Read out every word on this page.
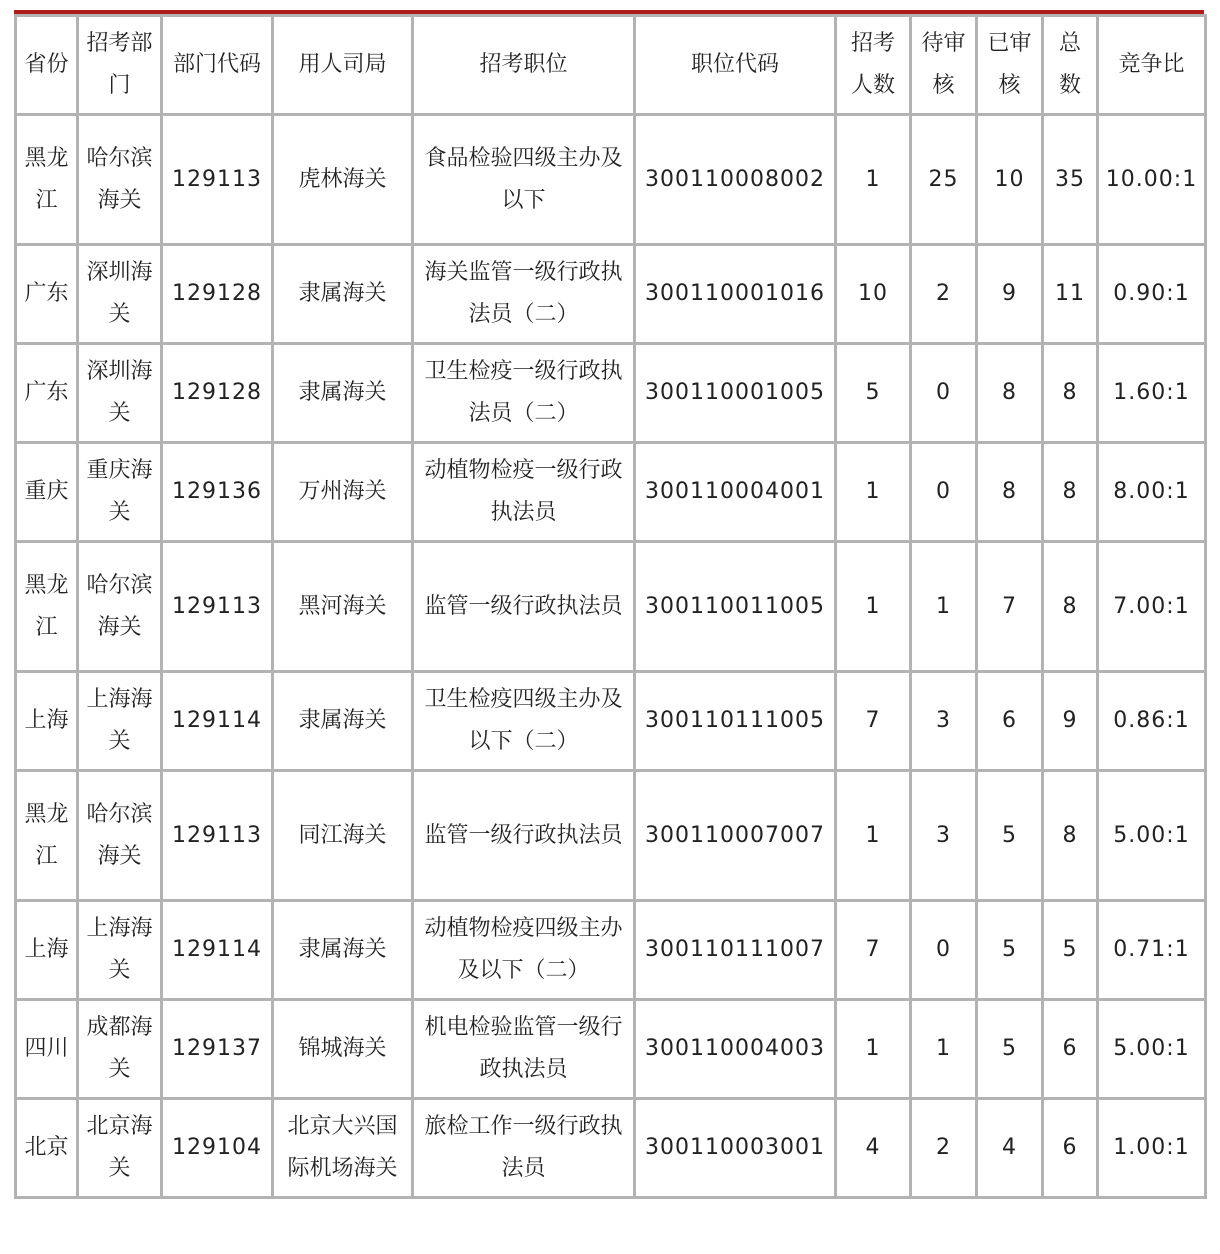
省份	招考部门	部门代码	用人司局	招考职位	职位代码	招考人数	待审核	已审核	总数	竞争比
黑龙江	哈尔滨海关	129113	虎林海关	食品检验四级主办及以下	300110008002	1	25	10	35	10.00:1
广东	深圳海关	129128	隶属海关	海关监管一级行政执法员（二）	300110001016	10	2	9	11	0.90:1
广东	深圳海关	129128	隶属海关	卫生检疫一级行政执法员（二）	300110001005	5	0	8	8	1.60:1
重庆	重庆海关	129136	万州海关	动植物检疫一级行政执法员	300110004001	1	0	8	8	8.00:1
黑龙江	哈尔滨海关	129113	黑河海关	监管一级行政执法员	300110011005	1	1	7	8	7.00:1
上海	上海海关	129114	隶属海关	卫生检疫四级主办及以下（二）	300110111005	7	3	6	9	0.86:1
黑龙江	哈尔滨海关	129113	同江海关	监管一级行政执法员	300110007007	1	3	5	8	5.00:1
上海	上海海关	129114	隶属海关	动植物检疫四级主办及以下（二）	300110111007	7	0	5	5	0.71:1
四川	成都海关	129137	锦城海关	机电检验监管一级行政执法员	300110004003	1	1	5	6	5.00:1
北京	北京海关	129104	北京大兴国际机场海关	旅检工作一级行政执法员	300110003001	4	2	4	6	1.00:1
